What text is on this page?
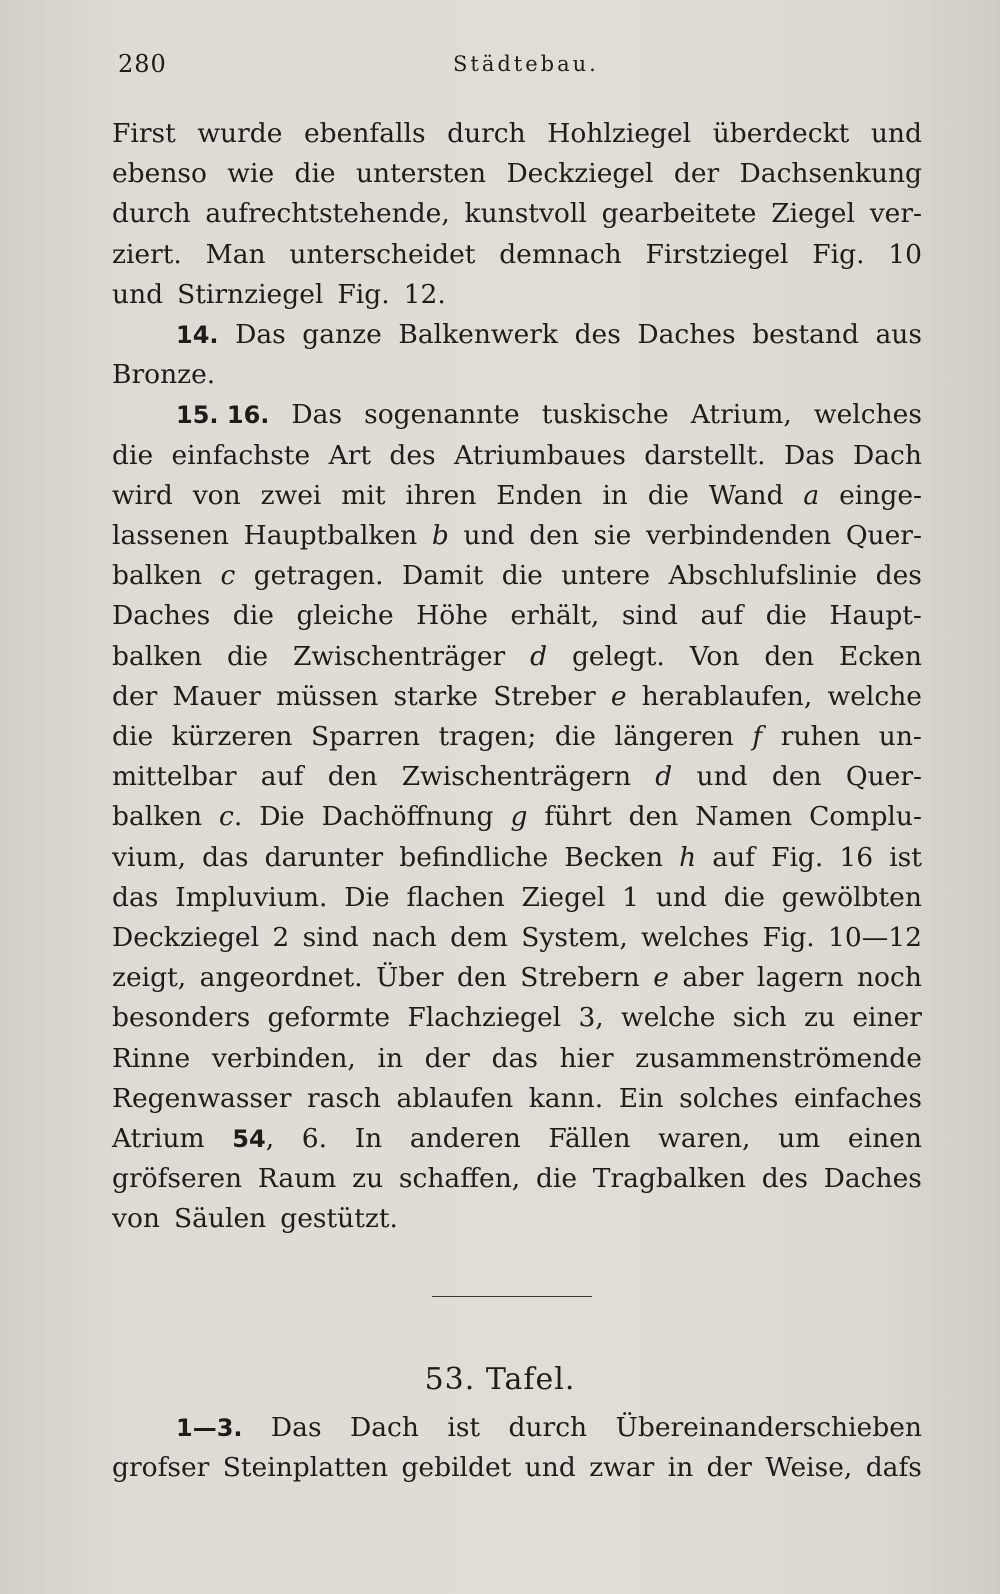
280	Städtebau.
First wurde ebenfalls durch Hohlziegel überdeckt und
ebenso wie die untersten Deckziegel der Dachsenkung
durch aufrechtstehende, kunstvoll gearbeitete Ziegel ver-
ziert. Man unterscheidet demnach Firstziegel Fig. 10
und Stirnziegel Fig. 12.
14. Das ganze Balkenwerk des Daches bestand aus
Bronze.
15. 16. Das sogenannte tuskische Atrium, welches
die einfachste Art des Atriumbaues darstellt. Das Dach
wird von zwei mit ihren Enden in die Wand a einge-
lassenen Hauptbalken b und den sie verbindenden Quer-
balken c getragen. Damit die untere Abschlufslinie des
Daches die gleiche Höhe erhält, sind auf die Haupt-
balken die Zwischenträger d gelegt. Von den Ecken
der Mauer müssen starke Streber e herablaufen, welche
die kürzeren Sparren tragen; die längeren f ruhen un-
mittelbar auf den Zwischenträgern d und den Quer-
balken c. Die Dachöffnung g führt den Namen Complu-
vium, das darunter befindliche Becken h auf Fig. 16 ist
das Impluvium. Die flachen Ziegel 1 und die gewölbten
Deckziegel 2 sind nach dem System, welches Fig. 10—12
zeigt, angeordnet. Über den Strebern e aber lagern noch
besonders geformte Flachziegel 3, welche sich zu einer
Rinne verbinden, in der das hier zusammenströmende
Regenwasser rasch ablaufen kann. Ein solches einfaches
Atrium 54, 6. In anderen Fällen waren, um einen
gröfseren Raum zu schaffen, die Tragbalken des Daches
von Säulen gestützt.
53. Tafel.
1—3. Das Dach ist durch Übereinanderschieben
grofser Steinplatten gebildet und zwar in der Weise, dafs
